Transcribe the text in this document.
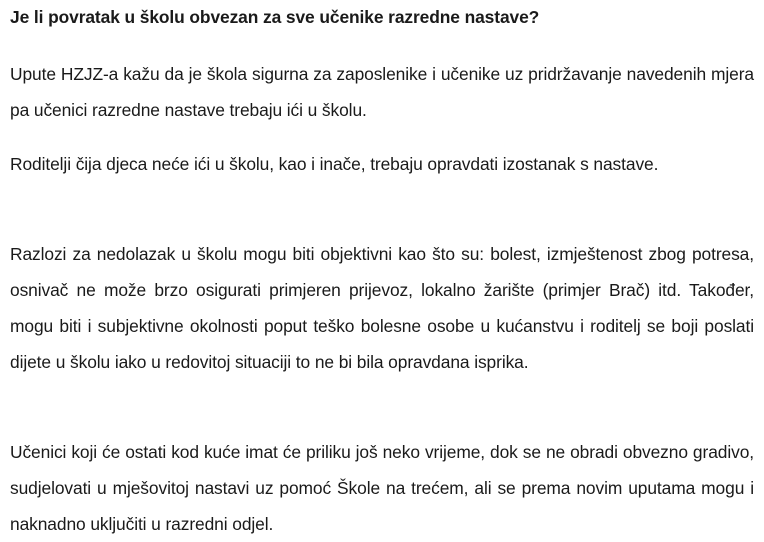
Je li povratak u školu obvezan za sve učenike razredne nastave?

Upute HZJZ-a kažu da je škola sigurna za zaposlenike i učenike uz pridržavanje navedenih mjera pa učenici razredne nastave trebaju ići u školu.

Roditelji čija djeca neće ići u školu, kao i inače, trebaju opravdati izostanak s nastave.

Razlozi za nedolazak u školu mogu biti objektivni kao što su: bolest, izmještenost zbog potresa, osnivač ne može brzo osigurati primjeren prijevoz, lokalno žarište (primjer Brač) itd. Također, mogu biti i subjektivne okolnosti poput teško bolesne osobe u kućanstvu i roditelj se boji poslati dijete u školu iako u redovitoj situaciji to ne bi bila opravdana isprika.

Učenici koji će ostati kod kuće imat će priliku još neko vrijeme, dok se ne obradi obvezno gradivo, sudjelovati u mješovitoj nastavi uz pomoć Škole na trećem, ali se prema novim uputama mogu i naknadno uključiti u razredni odjel.
